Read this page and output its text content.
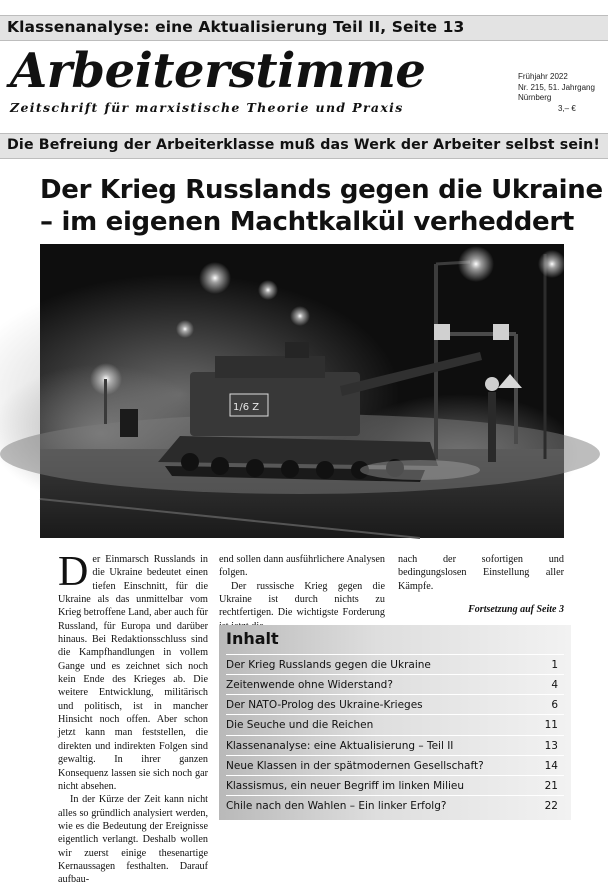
Klassenanalyse: eine Aktualisierung Teil II, Seite 13
Arbeiterstimme
Zeitschrift für marxistische Theorie und Praxis
Frühjahr 2022
Nr. 215, 51. Jahrgang
Nürnberg
3,– €
Die Befreiung der Arbeiterklasse muß das Werk der Arbeiter selbst sein!
Der Krieg Russlands gegen die Ukraine
– im eigenen Machtkalkül verheddert
1/6 Z

Der Einmarsch Russlands in die Ukraine bedeutet einen tiefen Einschnitt, für die Ukraine als das unmittelbar vom Krieg betroffene Land, aber auch für Russland, für Europa und darüber hinaus. Bei Redaktionsschluss sind die Kampfhandlungen in vollem Gange und es zeichnet sich noch kein Ende des Krieges ab. Die weitere Entwicklung, militärisch und politisch, ist in mancher Hinsicht noch offen. Aber schon jetzt kann man feststellen, die direkten und indirekten Folgen sind gewaltig. In ihrer ganzen Konsequenz lassen sie sich noch gar nicht absehen.

In der Kürze der Zeit kann nicht alles so gründlich analysiert werden, wie es die Bedeutung der Ereignisse eigentlich verlangt. Deshalb wollen wir zuerst einige thesenartige Kernaussagen festhalten. Darauf aufbau-

end sollen dann ausführlichere Analysen folgen.

Der russische Krieg gegen die Ukraine ist durch nichts zu rechtfertigen. Die wichtigste Forderung

nach der sofortigen und bedingungslosen Einstellung aller Kämpfe.

Fortsetzung auf Seite 3
Inhalt
Der Krieg Russlands gegen die Ukraine	1
Zeitenwende ohne Widerstand?	4
Der NATO-Prolog des Ukraine-Krieges	6
Die Seuche und die Reichen	11
Klassenanalyse: eine Aktualisierung – Teil II	13
Neue Klassen in der spätmodernen Gesellschaft?	14
Klassismus, ein neuer Begriff im linken Milieu	21
Chile nach den Wahlen – Ein linker Erfolg?	22
